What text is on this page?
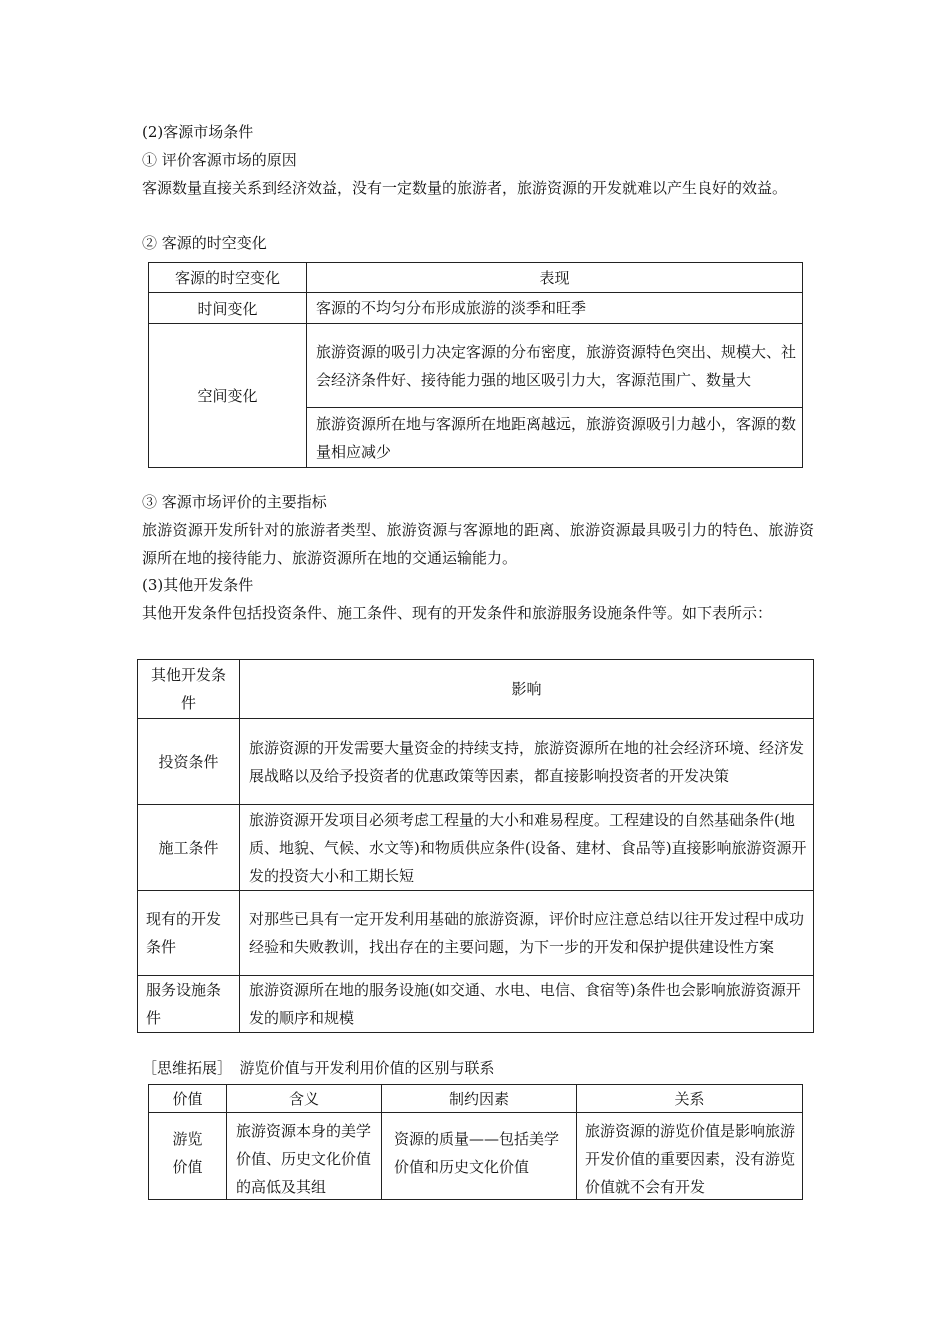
(2)客源市场条件
① 评价客源市场的原因
客源数量直接关系到经济效益，没有一定数量的旅游者，旅游资源的开发就难以产生良好的效益。
② 客源的时空变化
客源的时空变化	表现
时间变化	客源的不均匀分布形成旅游的淡季和旺季
空间变化	旅游资源的吸引力决定客源的分布密度，旅游资源特色突出、规模大、社会经济条件好、接待能力强的地区吸引力大，客源范围广、数量大
	旅游资源所在地与客源所在地距离越远，旅游资源吸引力越小，客源的数量相应减少
③ 客源市场评价的主要指标
旅游资源开发所针对的旅游者类型、旅游资源与客源地的距离、旅游资源最具吸引力的特色、旅游资源所在地的接待能力、旅游资源所在地的交通运输能力。
(3)其他开发条件
其他开发条件包括投资条件、施工条件、现有的开发条件和旅游服务设施条件等。如下表所示：
其他开发条件	影响
投资条件	旅游资源的开发需要大量资金的持续支持，旅游资源所在地的社会经济环境、经济发展战略以及给予投资者的优惠政策等因素，都直接影响投资者的开发决策
施工条件	旅游资源开发项目必须考虑工程量的大小和难易程度。工程建设的自然基础条件(地质、地貌、气候、水文等)和物质供应条件(设备、建材、食品等)直接影响旅游资源开发的投资大小和工期长短
现有的开发条件	对那些已具有一定开发利用基础的旅游资源，评价时应注意总结以往开发过程中成功经验和失败教训，找出存在的主要问题，为下一步的开发和保护提供建设性方案
服务设施条件	旅游资源所在地的服务设施(如交通、水电、电信、食宿等)条件也会影响旅游资源开发的顺序和规模
［思维拓展］　游览价值与开发利用价值的区别与联系
价值	含义	制约因素	关系
游览价值	旅游资源本身的美学价值、历史文化价值的高低及其组	资源的质量——包括美学价值和历史文化价值	旅游资源的游览价值是影响旅游开发价值的重要因素，没有游览价值就不会有开发
